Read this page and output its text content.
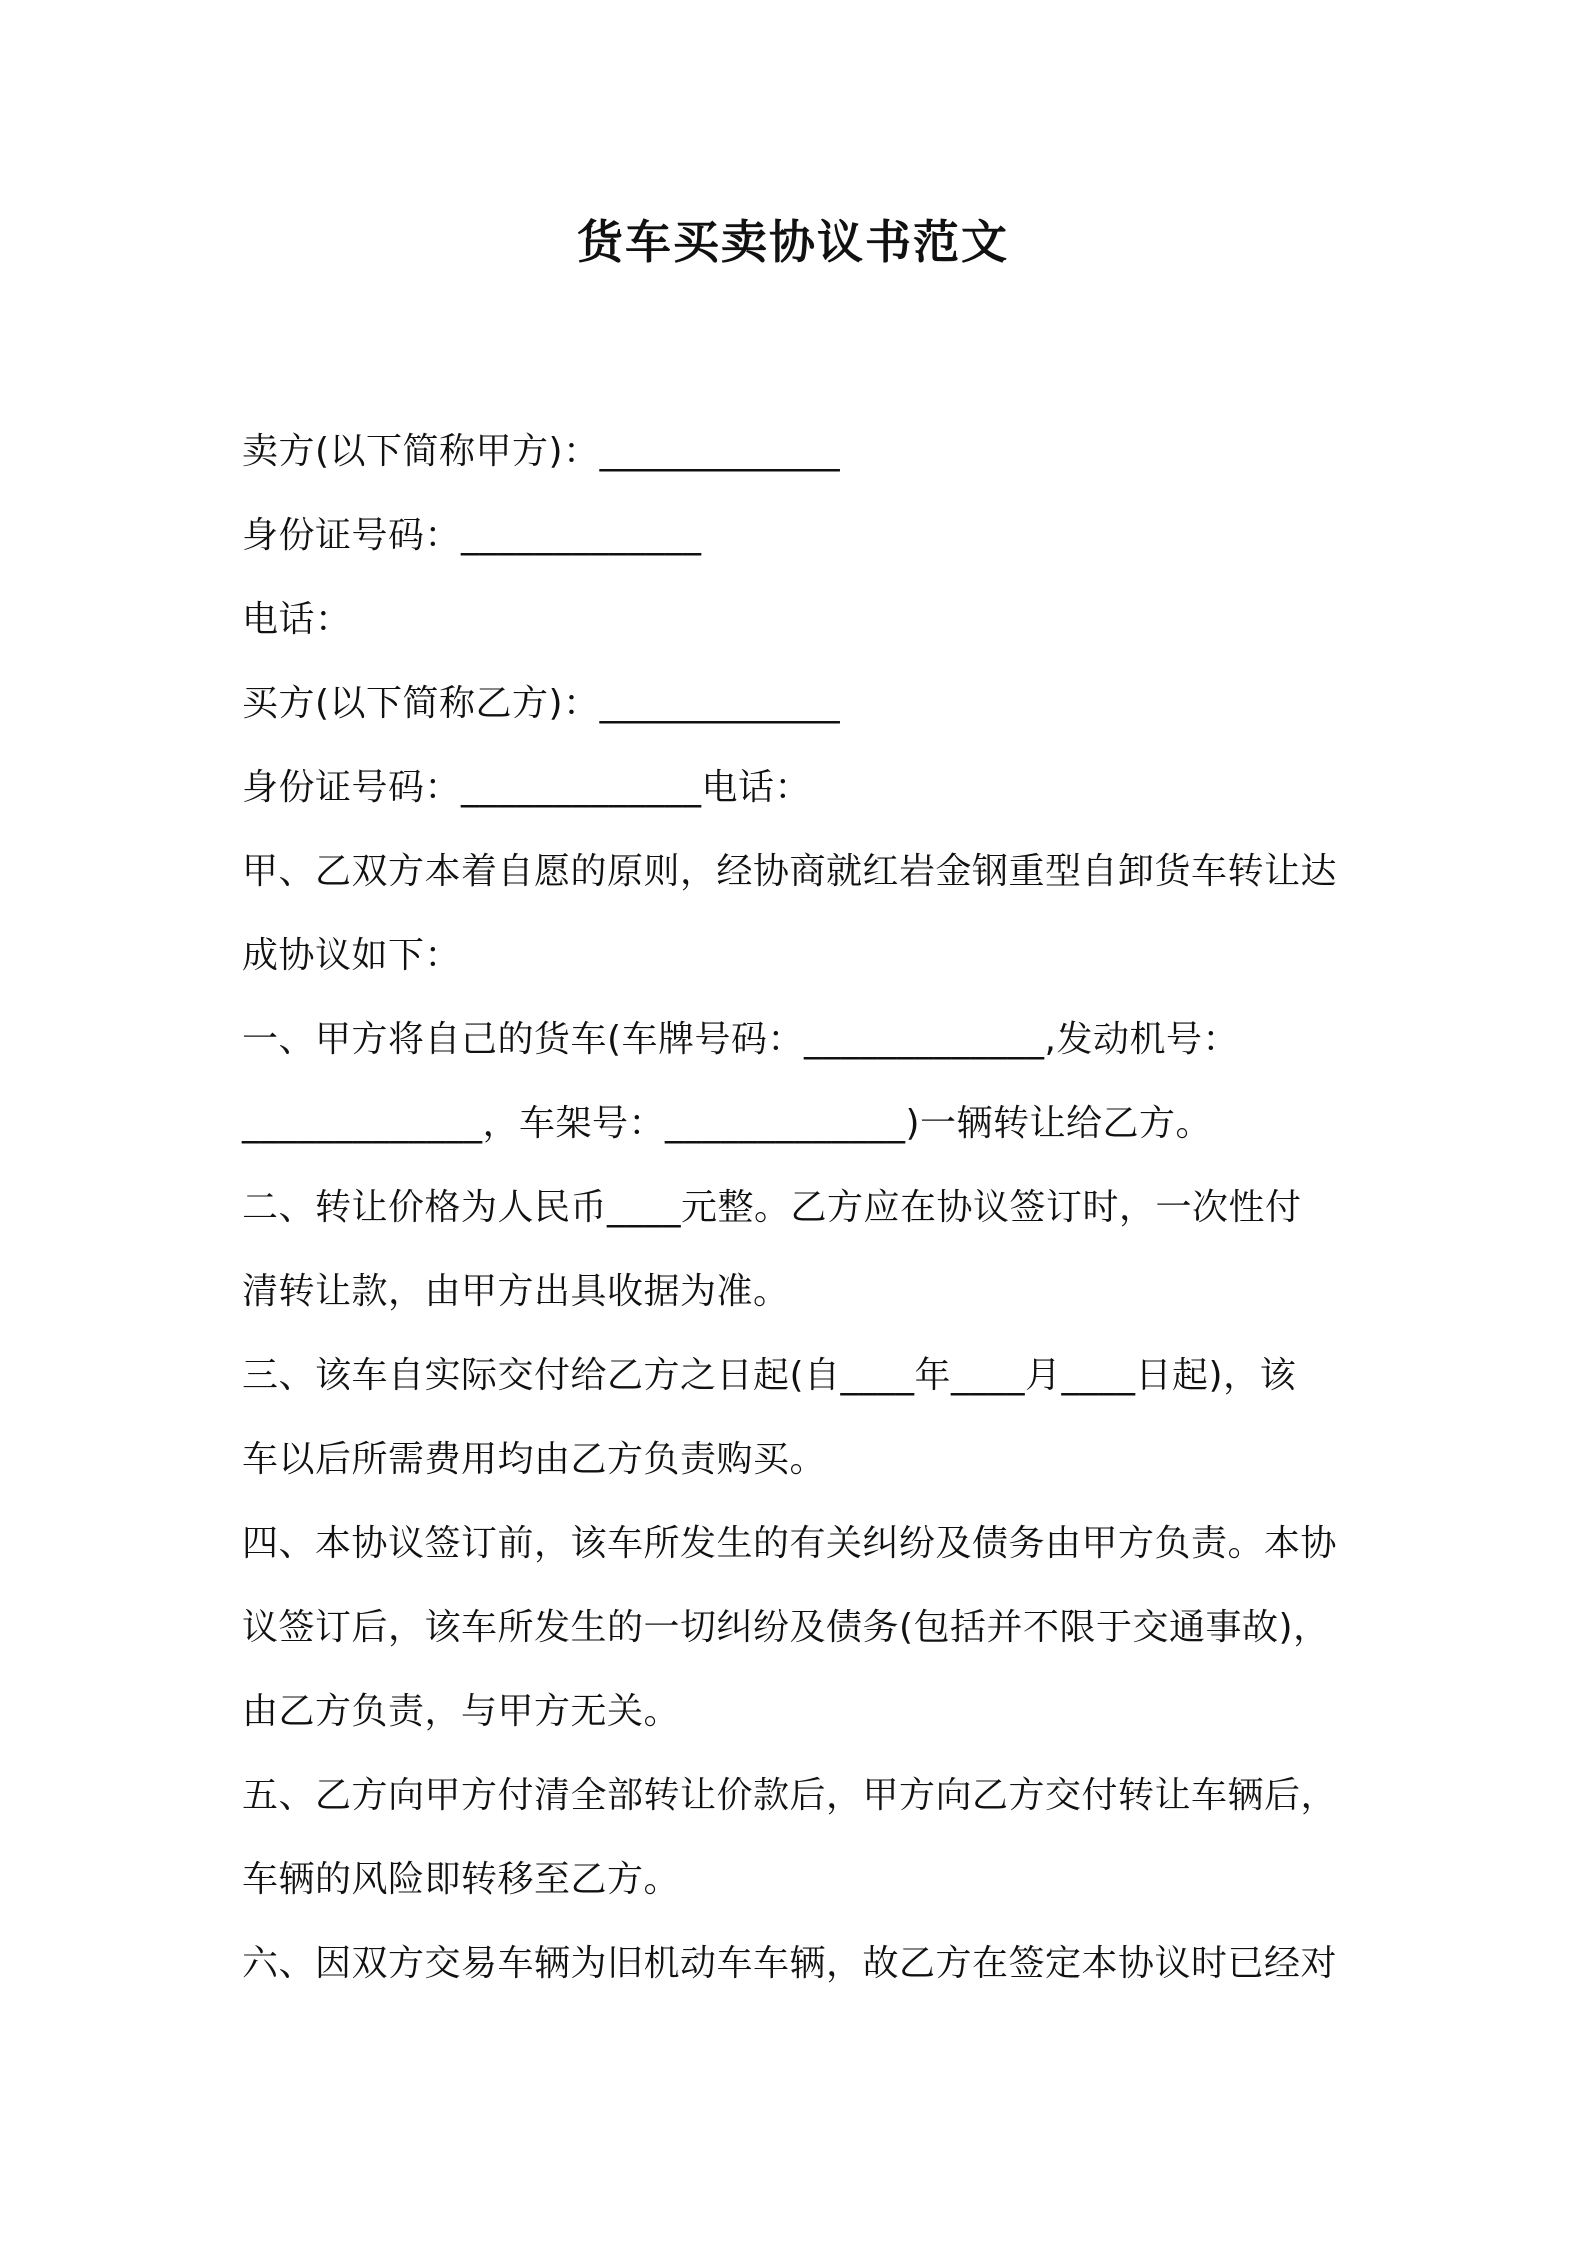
货车买卖协议书范文
卖方(以下简称甲方)：_____________
身份证号码：_____________
电话：
买方(以下简称乙方)：_____________
身份证号码：_____________电话：
甲、乙双方本着自愿的原则，经协商就红岩金钢重型自卸货车转让达
成协议如下：
一、甲方将自己的货车(车牌号码：_____________,发动机号：
_____________，车架号：_____________)一辆转让给乙方。
二、转让价格为人民币____元整。乙方应在协议签订时，一次性付
清转让款，由甲方出具收据为准。
三、该车自实际交付给乙方之日起(自____年____月____日起)，该
车以后所需费用均由乙方负责购买。
四、本协议签订前，该车所发生的有关纠纷及债务由甲方负责。本协
议签订后，该车所发生的一切纠纷及债务(包括并不限于交通事故)，
由乙方负责，与甲方无关。
五、乙方向甲方付清全部转让价款后，甲方向乙方交付转让车辆后，
车辆的风险即转移至乙方。
六、因双方交易车辆为旧机动车车辆，故乙方在签定本协议时已经对
